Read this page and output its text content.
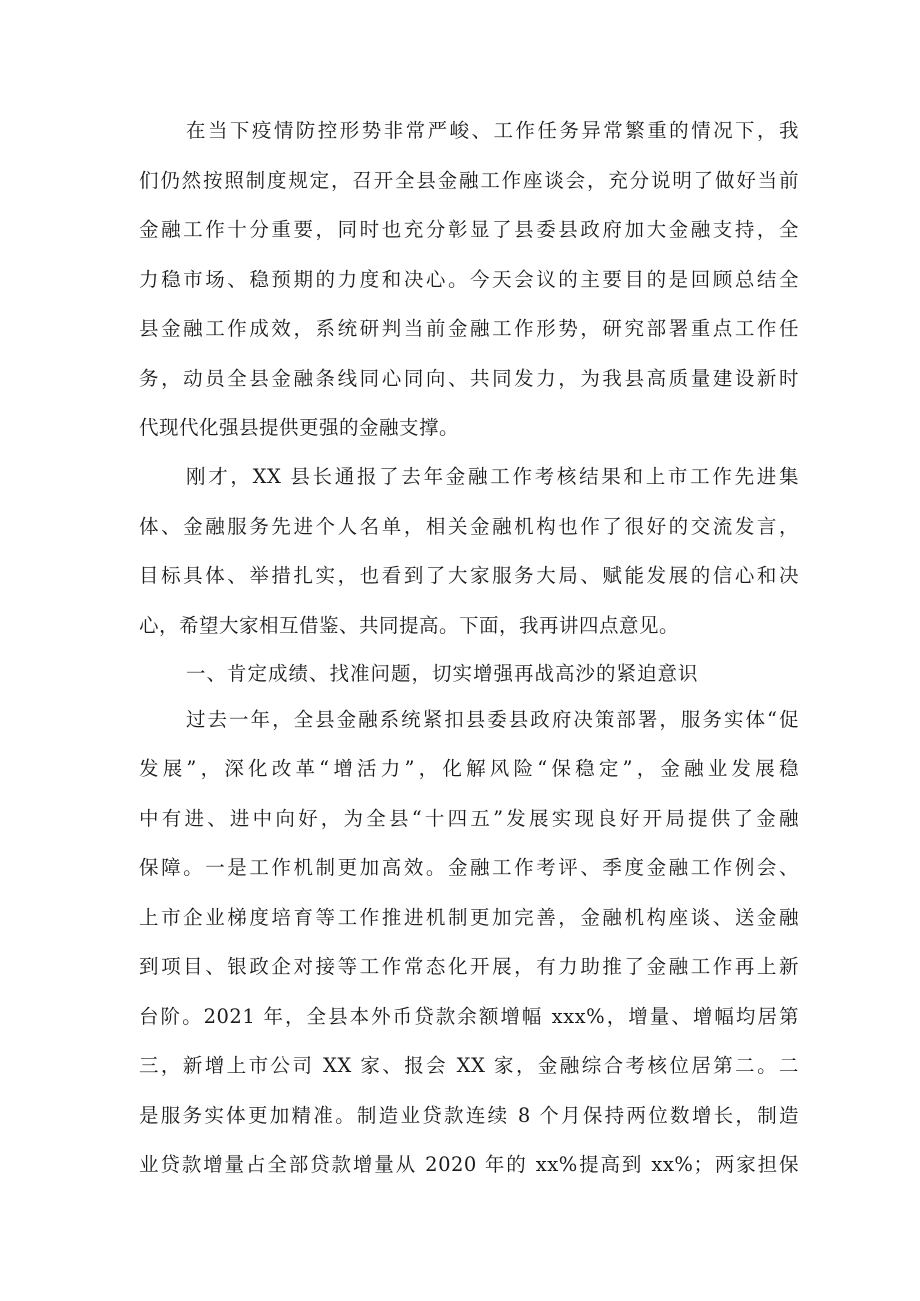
在当下疫情防控形势非常严峻、工作任务异常繁重的情况下，我
们仍然按照制度规定，召开全县金融工作座谈会，充分说明了做好当前
金融工作十分重要，同时也充分彰显了县委县政府加大金融支持，全
力稳市场、稳预期的力度和决心。今天会议的主要目的是回顾总结全
县金融工作成效，系统研判当前金融工作形势，研究部署重点工作任
务，动员全县金融条线同心同向、共同发力，为我县高质量建设新时
代现代化强县提供更强的金融支撑。
刚才，XX 县长通报了去年金融工作考核结果和上市工作先进集
体、金融服务先进个人名单，相关金融机构也作了很好的交流发言，
目标具体、举措扎实，也看到了大家服务大局、赋能发展的信心和决
心，希望大家相互借鉴、共同提高。下面，我再讲四点意见。
一、肯定成绩、找准问题，切实增强再战高沙的紧迫意识
过去一年，全县金融系统紧扣县委县政府决策部署，服务实体“促
发展”，深化改革“增活力”，化解风险“保稳定”，金融业发展稳
中有进、进中向好，为全县“十四五”发展实现良好开局提供了金融
保障。一是工作机制更加高效。金融工作考评、季度金融工作例会、
上市企业梯度培育等工作推进机制更加完善，金融机构座谈、送金融
到项目、银政企对接等工作常态化开展，有力助推了金融工作再上新
台阶。2021 年，全县本外币贷款余额增幅 xxx%，增量、增幅均居第
三，新增上市公司 XX 家、报会 XX 家，金融综合考核位居第二。二
是服务实体更加精准。制造业贷款连续 8 个月保持两位数增长，制造
业贷款增量占全部贷款增量从 2020 年的 xx%提高到 xx%；两家担保
